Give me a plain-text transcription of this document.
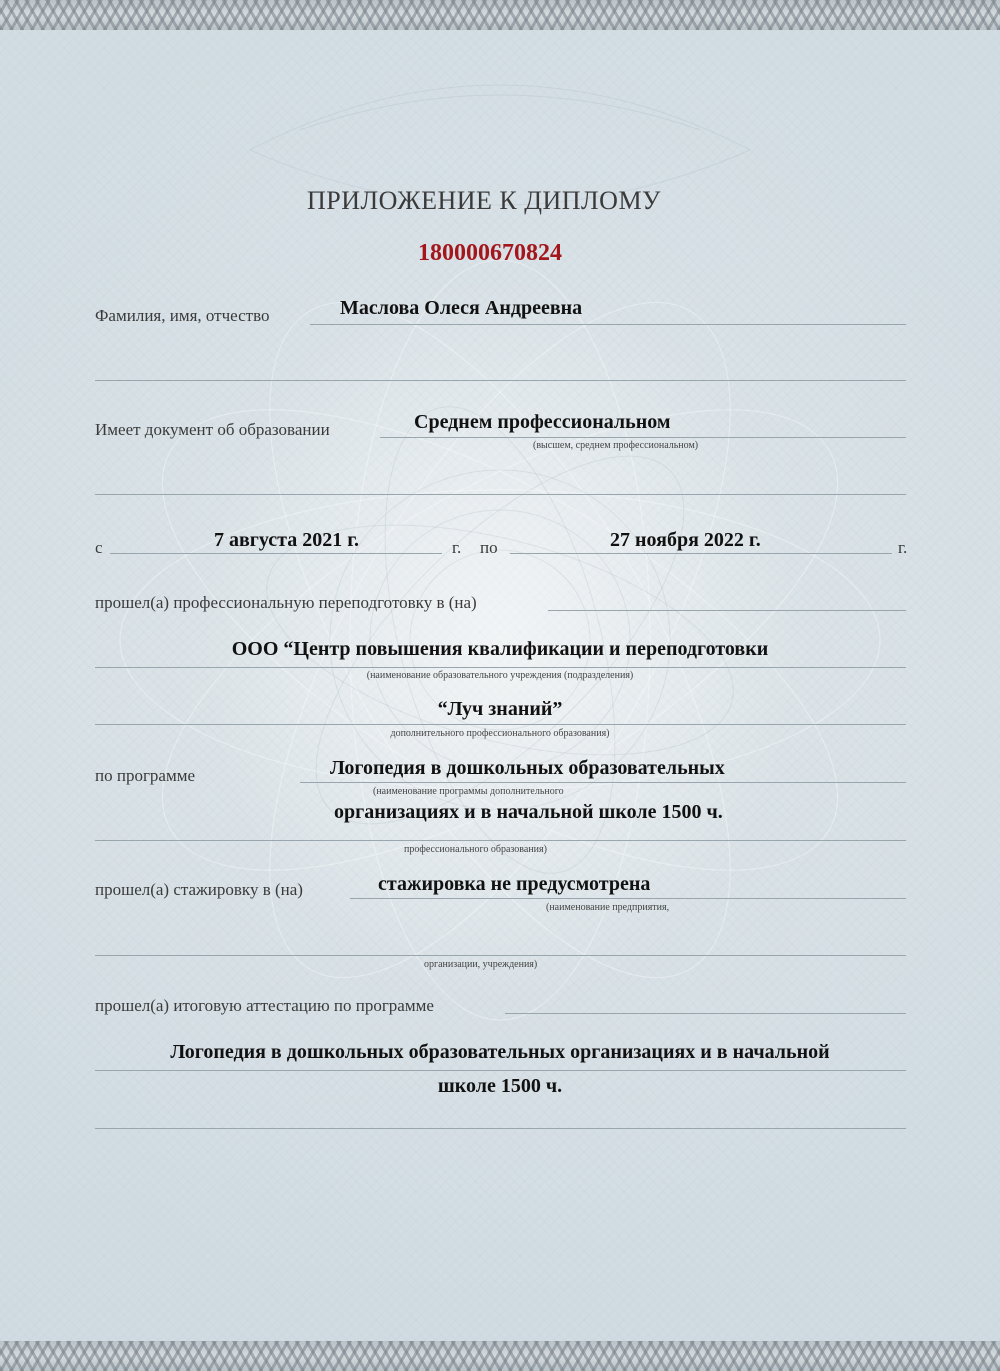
ПРИЛОЖЕНИЕ К ДИПЛОМУ
180000670824
Фамилия, имя, отчество	Маслова Олеся Андреевна
Имеет документ об образовании	Среднем профессиональном
(высшем, среднем профессиональном)
с	7 августа 2021 г.	г. по	27 ноября 2022 г.	г.
прошел(а) профессиональную переподготовку в (на)
ООО “Центр повышения квалификации и переподготовки
(наименование образовательного учреждения (подразделения)
“Луч знаний”
дополнительного профессионального образования)
по программе	Логопедия в дошкольных образовательных
(наименование программы дополнительного
организациях и в начальной школе 1500 ч.
профессионального образования)
прошел(а) стажировку в (на)	стажировка не предусмотрена
(наименование предприятия,
организации, учреждения)
прошел(а) итоговую аттестацию по программе
Логопедия в дошкольных образовательных организациях и в начальной
школе 1500 ч.
